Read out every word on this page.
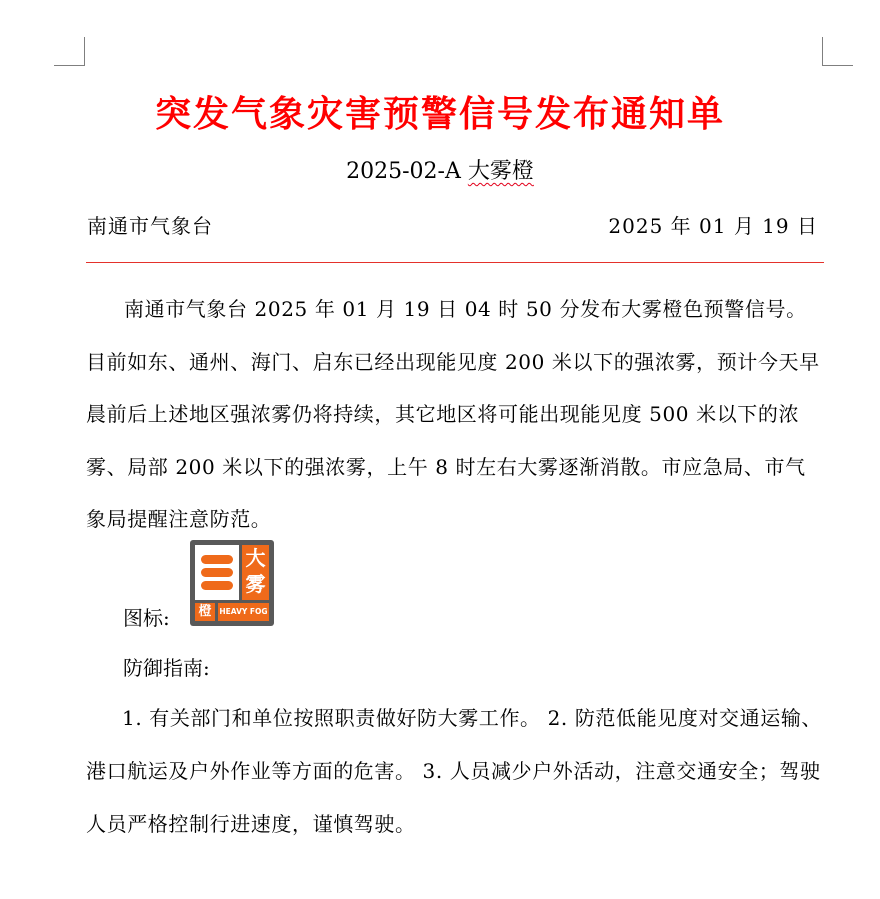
突发气象灾害预警信号发布通知单
2025-02-A 大雾橙
南通市气象台	2025 年 01 月 19 日

南通市气象台 2025 年 01 月 19 日 04 时 50 分发布大雾橙色预警信号。目前如东、通州、海门、启东已经出现能见度 200 米以下的强浓雾，预计今天早晨前后上述地区强浓雾仍将持续，其它地区将可能出现能见度 500 米以下的浓雾、局部 200 米以下的强浓雾，上午 8 时左右大雾逐渐消散。市应急局、市气象局提醒注意防范。

图标:
大
雾
橙	HEAVY FOG
防御指南:

1. 有关部门和单位按照职责做好防大雾工作。 2. 防范低能见度对交通运输、港口航运及户外作业等方面的危害。 3. 人员减少户外活动，注意交通安全；驾驶人员严格控制行进速度，谨慎驾驶。
